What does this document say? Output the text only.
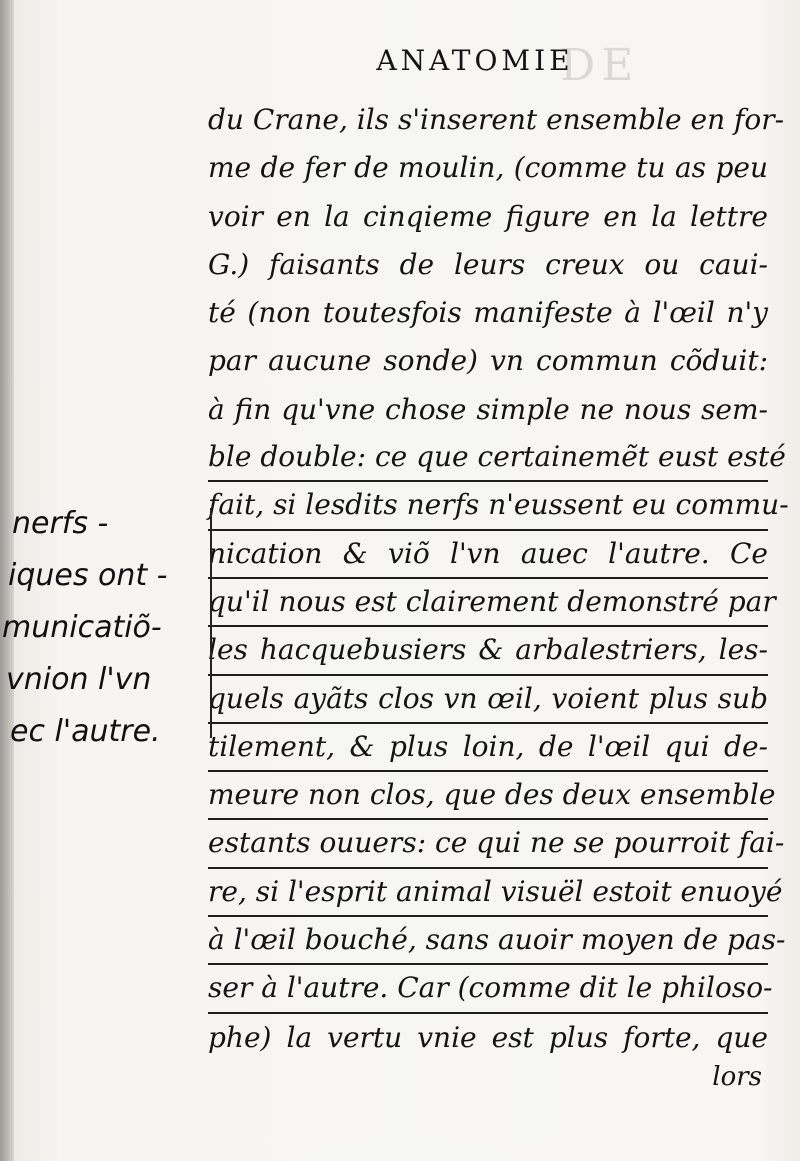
DE
ANATOMIE
du Crane, ils s'inserent ensemble en for-
me de fer de moulin, (comme tu as peu
voir en la cinqieme figure en la lettre
G.) faisants de leurs creux ou caui-
té (non toutesfois manifeste à l'œil n'y
par aucune sonde) vn commun cõduit:
à fin qu'vne chose simple ne nous sem-
ble double: ce que certainemẽt eust esté
fait, si lesdits nerfs n'eussent eu commu-
nication & viõ l'vn auec l'autre. Ce
qu'il nous est clairement demonstré par
les hacquebusiers & arbalestriers, les-
quels ayãts clos vn œil, voient plus sub
tilement, & plus loin, de l'œil qui de-
meure non clos, que des deux ensemble
estants ouuers: ce qui ne se pourroit fai-
re, si l'esprit animal visuël estoit enuoyé
à l'œil bouché, sans auoir moyen de pas-
ser à l'autre. Car (comme dit le philoso-
phe) la vertu vnie est plus forte, que
lors
nerfs -
iques ont -
municatiõ-
vnion l'vn
ec l'autre.
